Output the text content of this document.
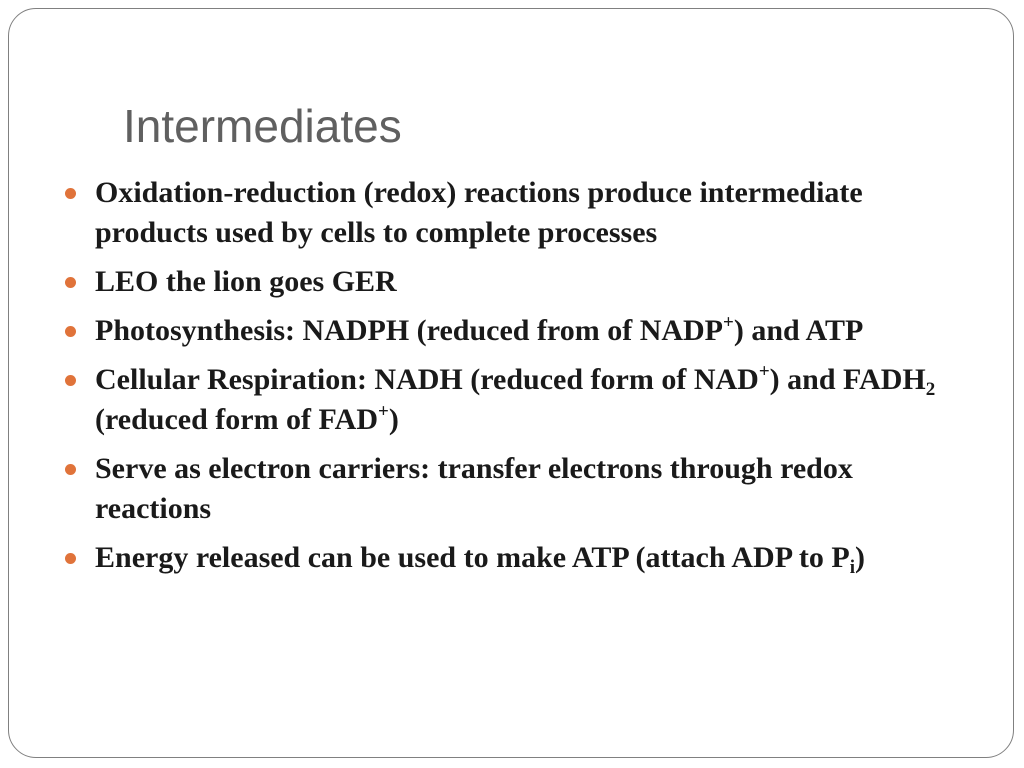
Intermediates
Oxidation-reduction (redox) reactions produce intermediate products used by cells to complete processes
LEO the lion goes GER
Photosynthesis: NADPH (reduced from of NADP+) and ATP
Cellular Respiration: NADH (reduced form of NAD+) and $FADH_2$ (reduced form of FAD+)
Serve as electron carriers: transfer electrons through redox reactions
Energy released can be used to make ATP (attach ADP to $P_i$)
